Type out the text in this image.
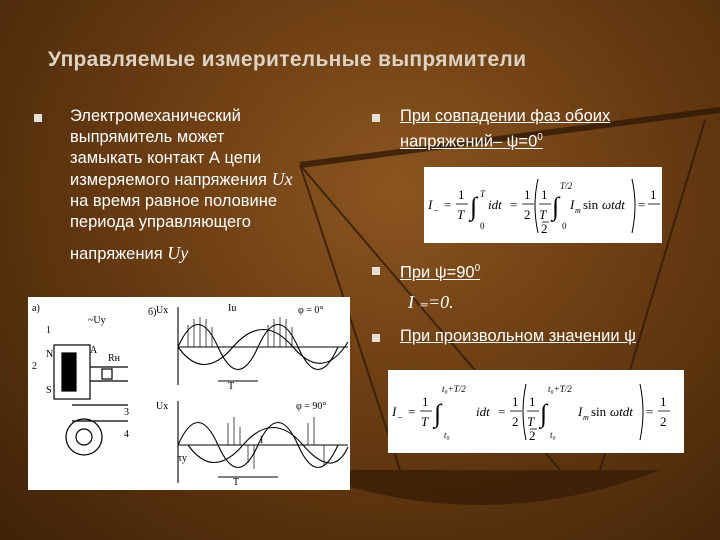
Управляемые измерительные выпрямители
Электромеханический
выпрямитель может
замыкать контакт А цепи
измеряемого напряжения Ux
на время равное половине
периода управляющего
напряжения Uy
При совпадении фаз обоих
напряжений– $\psi=0^0$
I – =
1
T ∫ T
0
idt =
1
2
1
T
2
∫
T/2
0
I m sin ωtdt =
1
При $\psi=90^0$
I ₌=0.
При произвольном значении ψ
I – =
1
T ∫
t₀+T/2
t₀
idt =
1
2
1
T
2
∫
t₀+T/2
t₀
I m sin ωtdt =
1
2
а)	б)
1
2
3
4
N
S
A
Rн
~Uy
φ = 0°
φ = 90°
T
T
Ux
Ux
Iu
I
τy
